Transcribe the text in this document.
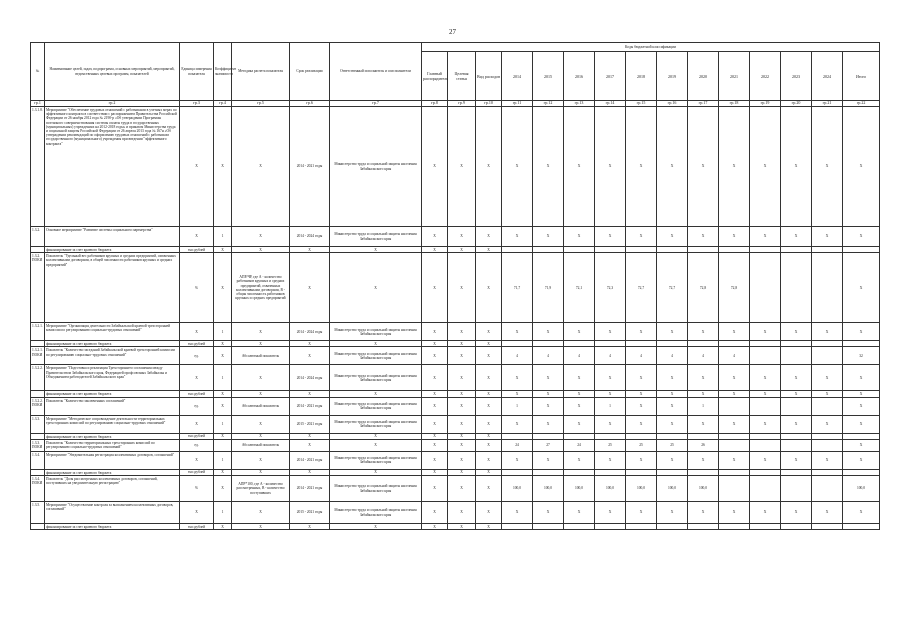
27
№	Наименование целей, задач, подпрограмм, основных мероприятий, мероприятий, ведомственных целевых программ, показателей	Единица измерения показателя	Коэффициент значимости	Методика расчета показателя	Срок реализации	Ответственный исполнитель и соисполнители	Коды бюджетной классификации														
							Главный распорядитель	Целевая статья	Вид расходов	2014	2015	2016	2017	2018	2019	2020	2021	2022	2023	2024	Итого
гр.1	гр.2	гр.3	гр.4	гр.5	гр.6	гр.7	гр.8	гр.9	гр.10	гр.11	гр.12	гр.13	гр.14	гр.15	гр.16	гр.17	гр.18	гр.19	гр.20	гр.21	гр.22
1.3.1.8.	Мероприятие "Обеспечение трудовых отношений с работниками в учетных мерах по эффективного контракта в соответствии с распоряжением Правительства Российской Федерации от 26 ноября 2012 года № 2190-р «Об утверждении Программы поэтапного совершенствования системы оплаты труда в государственных (муниципальных) учреждениях на 2012-2018 годы» и приказом Министерства труда и социальной защиты Российской Федерации от 26 апреля 2013 года № 167н «Об утверждении рекомендаций по оформлению трудовых отношений с работником государственного (муниципального) учреждения при введении "эффективного контракта"	X	X	X	2014 - 2021 годы	Министерство труда и социальной защиты населения Забайкальского края	X	X	X	X	X	X	X	X	X	X	X	X	X	X	X
1.3.2.	Основное мероприятие "Развитие системы социального партнерства"	X	1	X	2014 - 2024 годы	Министерство труда и социальной защиты населения Забайкальского края	X	X	X	X	X	X	X	X	X	X	X	X	X	X	X
	финансирование за счет краевого бюджета	тыс.рублей	X	X	X	X	X	X	X												
1.3.2. ПОКИ	Показатель "Удельный вес работников крупных и средних предприятий, охваченных коллективными договорами, в общей численности работников крупных и средних предприятий"	%	X	АПР/ЧР, где А - количество работников крупных и средних предприятий, охваченных коллективными договорами, В - общая численность работников крупных и средних предприятий	X	X	X	X	X	71,7	71,9	72,1	72,3	72,7	72,7	72,8	72,8				X
1.3.2.1.	Мероприятие "Организация деятельности Забайкальской краевой трехсторонней комиссии по регулированию социально-трудовых отношений"	X	1	X	2014 - 2024 годы	Министерство труда и социальной защиты населения Забайкальского края	X	X	X	X	X	X	X	X	X	X	X	X	X	X	X
	финансирование за счет краевого бюджета	тыс.рублей	X	X	X	X	X	X	X												
1.3.2.1. ПОКИ	Показатель "Количество заседаний Забайкальской краевой трехсторонней комиссии по регулированию социально-трудовых отношений"	ед.	X	Абсолютный показатель	X	Министерство труда и социальной защиты населения Забайкальского края	X	X	X	4	4	4	4	4	4	4	4				32
1.3.2.2.	Мероприятие "Подготовка и реализация Трехстороннего соглашения между Правительством Забайкальского края, Федерацией профсоюзных Забайкалья и Объединением работодателей Забайкальского края"	X	1	X	2014 - 2024 годы	Министерство труда и социальной защиты населения Забайкальского края	X	X	X	X	X	X	X	X	X	X	X	X	X	X	X
	финансирование за счет краевого бюджета	тыс.рублей	X	X	X	X	X	X	X	X	X	X	X	X	X	X	X	X	X	X	X
1.3.2.2. ПОКИ	Показатель "Количество заключенных соглашений"	ед.	X	Абсолютный показатель	2014 - 2021 годы	Министерство труда и социальной защиты населения Забайкальского края	X	X	X	1	X	X	1	X	X	1					X
1.3.3.	Мероприятие "Методическое сопровождение деятельности территориальных трехсторонних комиссий по регулированию социально-трудовых отношений"	X	1	X	2015 - 2021 годы	Министерство труда и социальной защиты населения Забайкальского края	X	X	X	X	X	X	X	X	X	X	X	X	X	X	X
	финансирование за счет краевого бюджета	тыс.рублей	X	X	X	X	X	X	X												
1.3.3. ПОКИ	Показатель "Количество территориальных трехсторонних комиссий по регулированию социально-трудовых отношений"	ед.		Абсолютный показатель	X	X	X	X	X	24	27	24	25	25	25	26					X
1.3.4.	Мероприятие "Уведомительная регистрация коллективных договоров, соглашений"	X	1	X	2014 - 2021 годы	Министерство труда и социальной защиты населения Забайкальского края	X	X	X	X	X	X	X	X	X	X	X	X	X	X	X
	финансирование за счет краевого бюджета	тыс.рублей	X	X	X	X	X	X	X												
1.3.4. ПОКИ	Показатель "Доля рассмотренных коллективных договоров, соглашений, поступивших на уведомительную регистрацию"	%	X	АПР*100, где А - количество рассмотренных, В - количество поступивших	2014 - 2021 годы	Министерство труда и социальной защиты населения Забайкальского края	X	X	X	100,0	100,0	100,0	100,0	100,0	100,0	100,0					100,0
1.3.5.	Мероприятие "Осуществление контроля за выполнением коллективных договоров, соглашений"	X	1	X	2015 - 2021 годы	Министерство труда и социальной защиты населения Забайкальского края	X	X	X	X	X	X	X	X	X	X	X	X	X	X	X
	финансирование за счет краевого бюджета	тыс.рублей	X	X	X	X	X	X	X												
